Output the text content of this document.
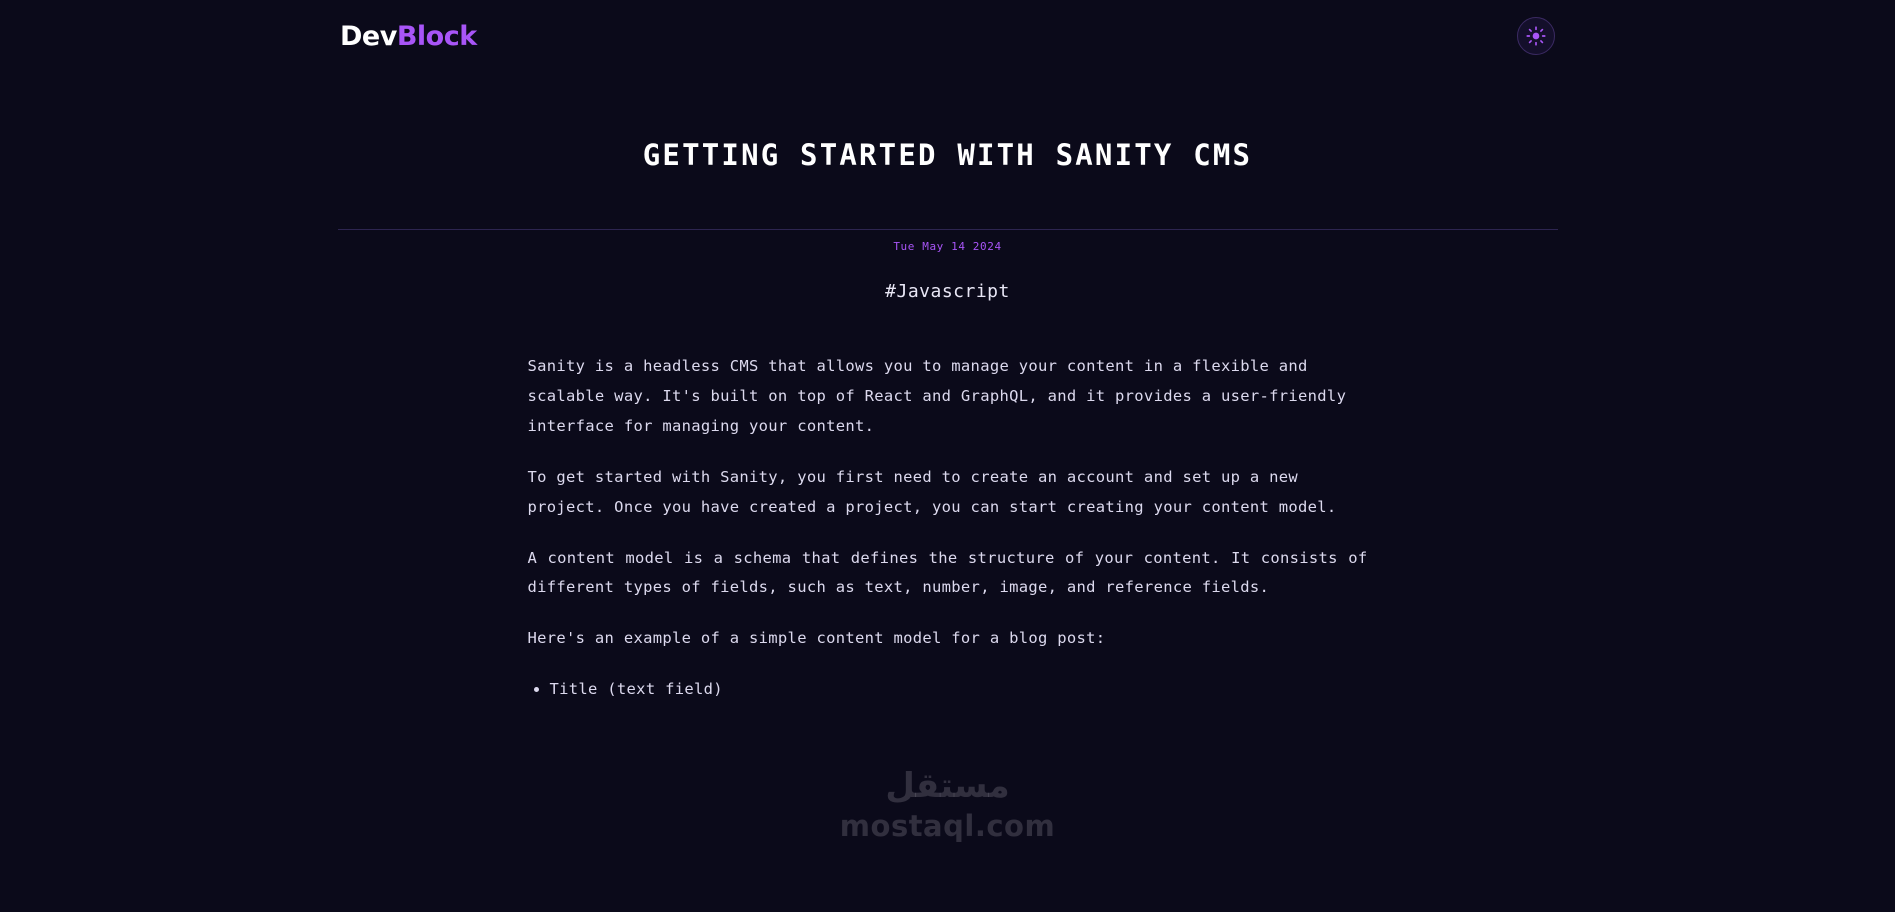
Dev Block
GETTING STARTED WITH SANITY CMS
Tue May 14 2024
#Javascript

Sanity is a headless CMS that allows you to manage your content in a flexible and scalable way. It's built on top of React and GraphQL, and it provides a user-friendly interface for managing your content.

To get started with Sanity, you first need to create an account and set up a new project. Once you have created a project, you can start creating your content model.

A content model is a schema that defines the structure of your content. It consists of different types of fields, such as text, number, image, and reference fields.

Here's an example of a simple content model for a blog post:

• Title (text field)
مستقل
mostaql.com
